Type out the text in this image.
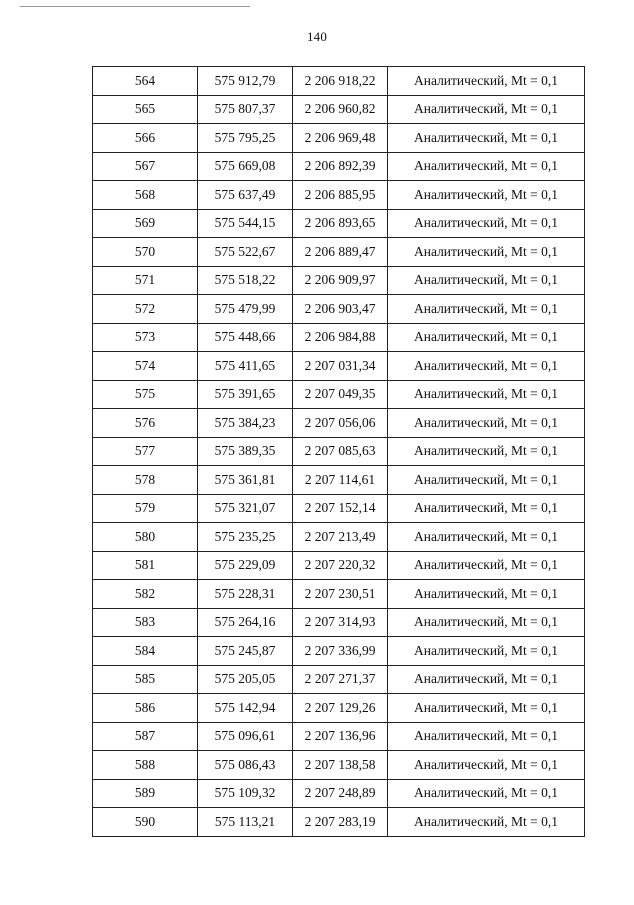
140
564	575 912,79	2 206 918,22	Аналитический, Mt = 0,1
565	575 807,37	2 206 960,82	Аналитический, Mt = 0,1
566	575 795,25	2 206 969,48	Аналитический, Mt = 0,1
567	575 669,08	2 206 892,39	Аналитический, Mt = 0,1
568	575 637,49	2 206 885,95	Аналитический, Mt = 0,1
569	575 544,15	2 206 893,65	Аналитический, Mt = 0,1
570	575 522,67	2 206 889,47	Аналитический, Mt = 0,1
571	575 518,22	2 206 909,97	Аналитический, Mt = 0,1
572	575 479,99	2 206 903,47	Аналитический, Mt = 0,1
573	575 448,66	2 206 984,88	Аналитический, Mt = 0,1
574	575 411,65	2 207 031,34	Аналитический, Mt = 0,1
575	575 391,65	2 207 049,35	Аналитический, Mt = 0,1
576	575 384,23	2 207 056,06	Аналитический, Mt = 0,1
577	575 389,35	2 207 085,63	Аналитический, Mt = 0,1
578	575 361,81	2 207 114,61	Аналитический, Mt = 0,1
579	575 321,07	2 207 152,14	Аналитический, Mt = 0,1
580	575 235,25	2 207 213,49	Аналитический, Mt = 0,1
581	575 229,09	2 207 220,32	Аналитический, Mt = 0,1
582	575 228,31	2 207 230,51	Аналитический, Mt = 0,1
583	575 264,16	2 207 314,93	Аналитический, Mt = 0,1
584	575 245,87	2 207 336,99	Аналитический, Mt = 0,1
585	575 205,05	2 207 271,37	Аналитический, Mt = 0,1
586	575 142,94	2 207 129,26	Аналитический, Mt = 0,1
587	575 096,61	2 207 136,96	Аналитический, Mt = 0,1
588	575 086,43	2 207 138,58	Аналитический, Mt = 0,1
589	575 109,32	2 207 248,89	Аналитический, Mt = 0,1
590	575 113,21	2 207 283,19	Аналитический, Mt = 0,1
